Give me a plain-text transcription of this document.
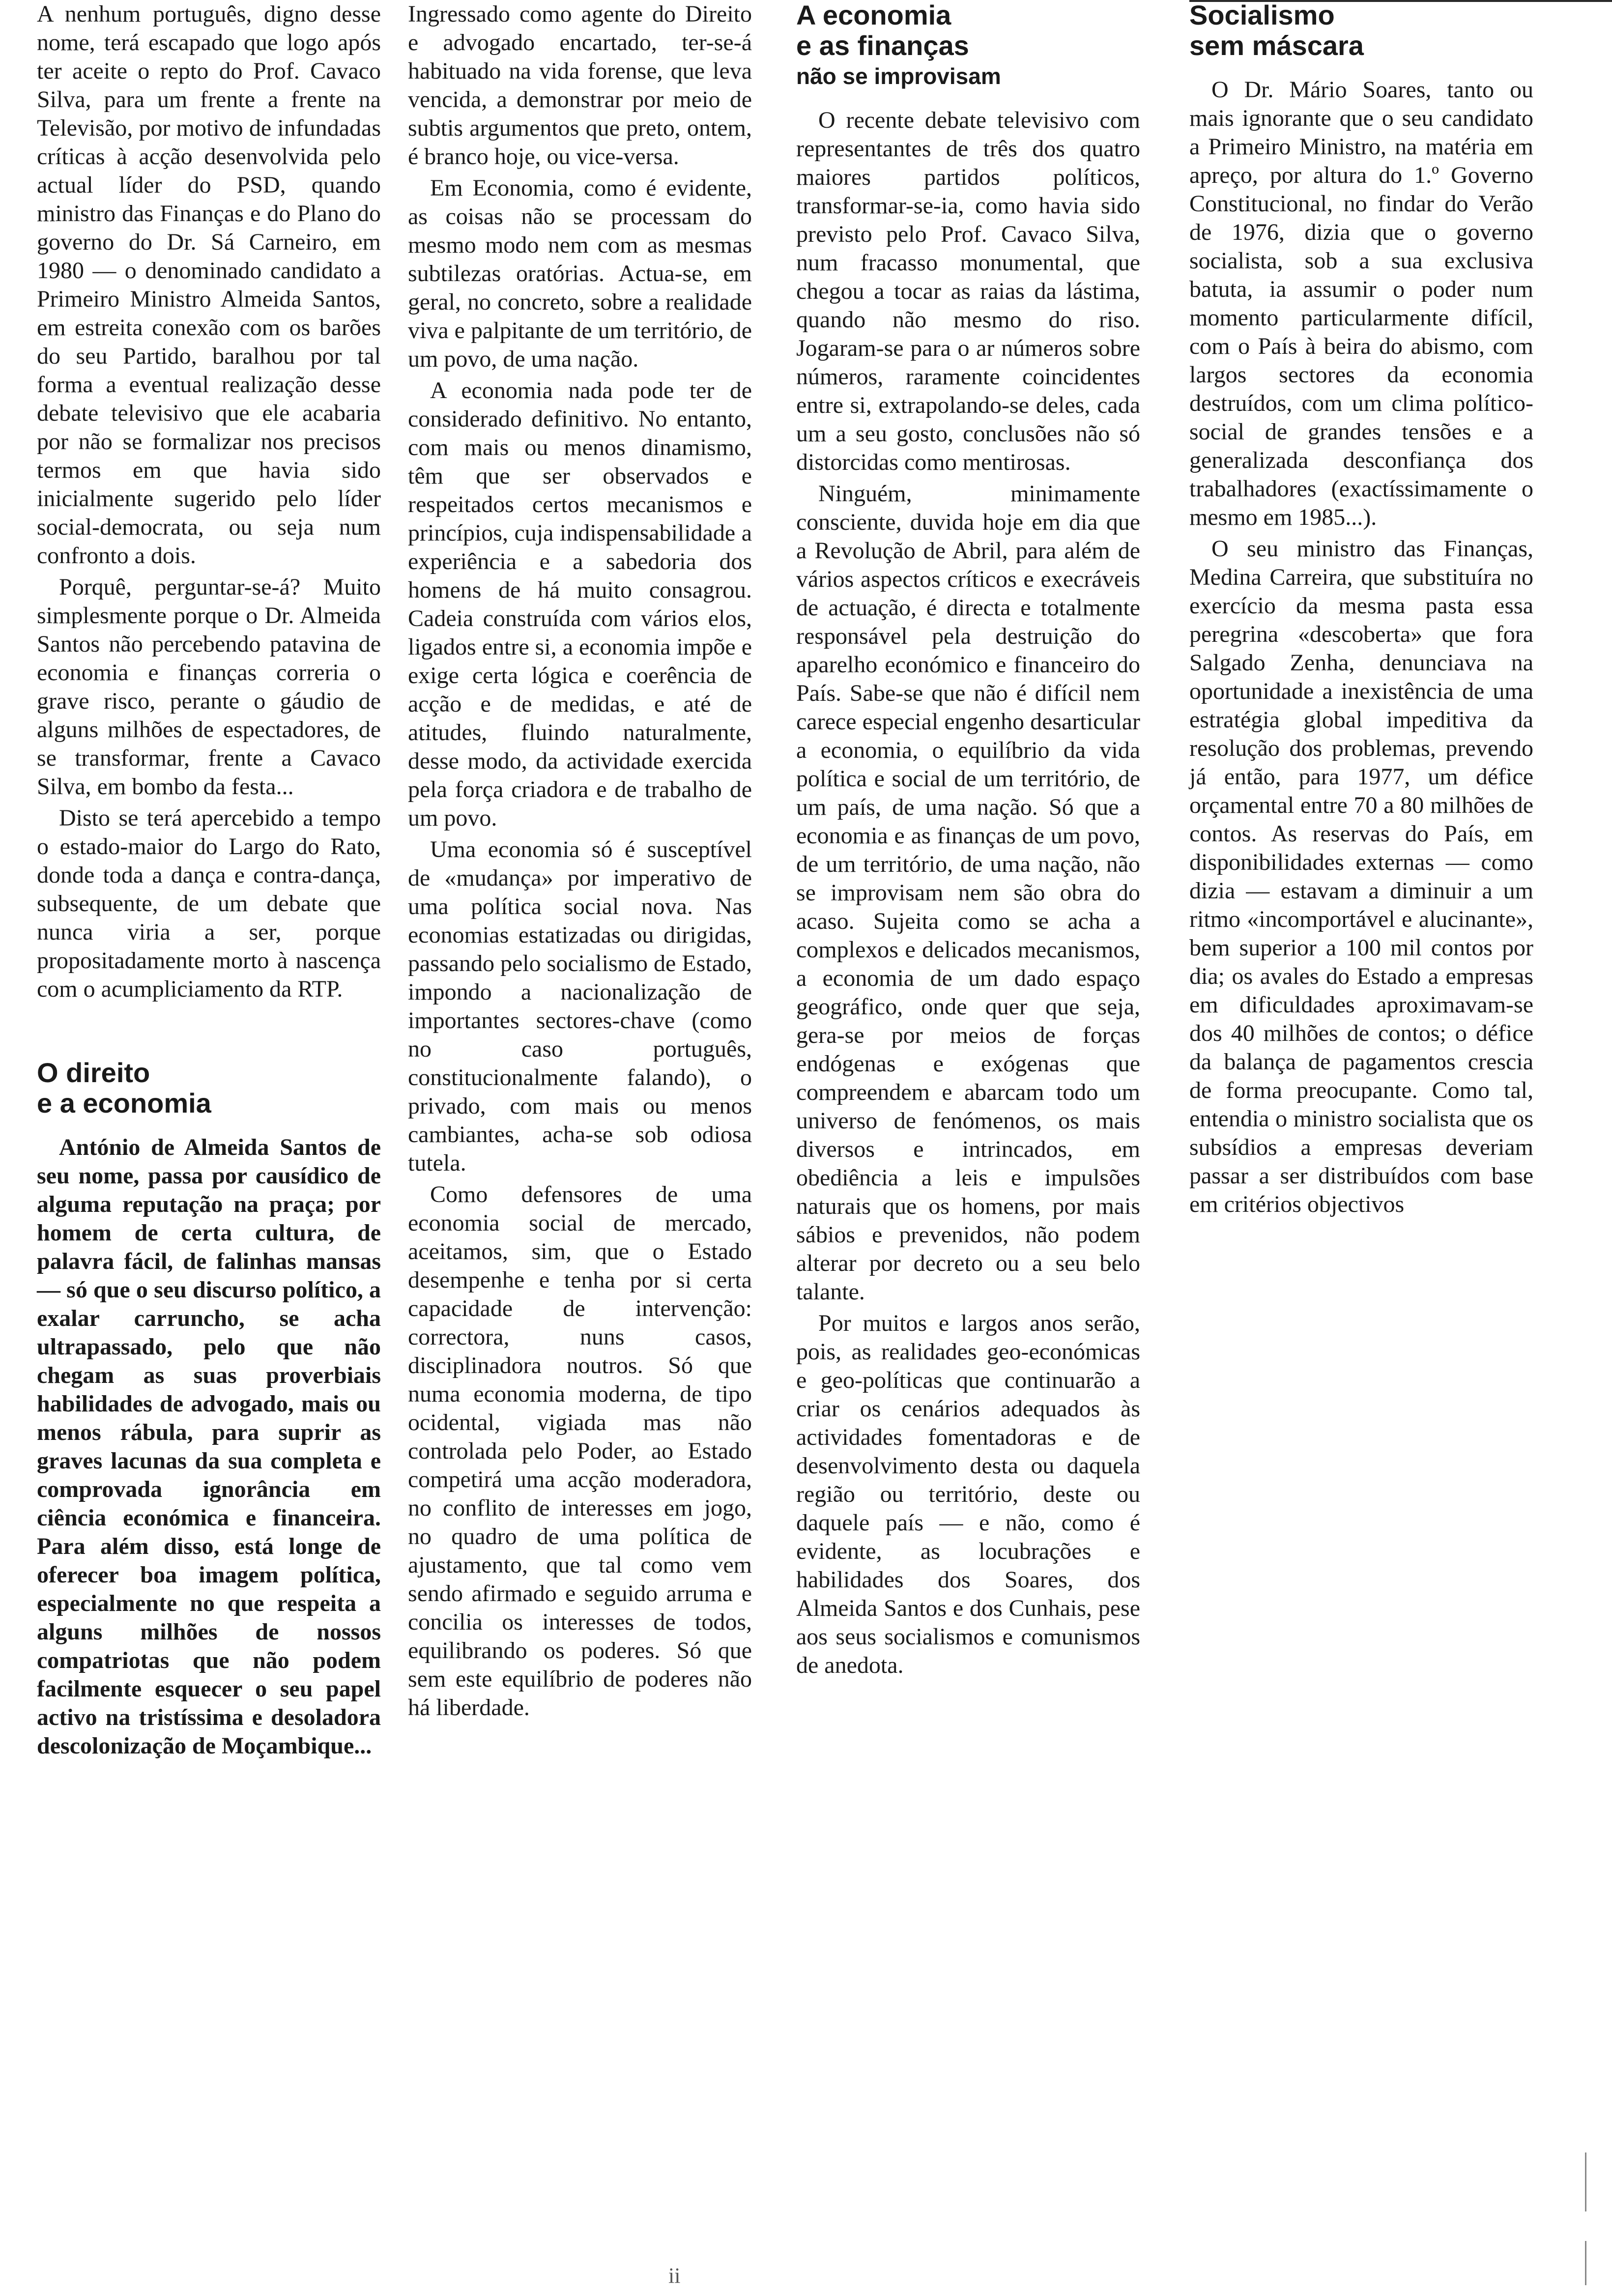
A nenhum português, digno desse nome, terá escapado que logo após ter aceite o repto do Prof. Cavaco Silva, para um frente a frente na Televisão, por motivo de infundadas críticas à acção desenvolvida pelo actual líder do PSD, quando ministro das Finanças e do Plano do governo do Dr. Sá Carneiro, em 1980 — o denominado candidato a Primeiro Ministro Almeida Santos, em estreita conexão com os barões do seu Partido, baralhou por tal forma a eventual realização desse debate televisivo que ele acabaria por não se formalizar nos precisos termos em que havia sido inicialmente sugerido pelo líder social-democrata, ou seja num confronto a dois.

Porquê, perguntar-se-á? Muito simplesmente porque o Dr. Almeida Santos não percebendo patavina de economia e finanças correria o grave risco, perante o gáudio de alguns milhões de espectadores, de se transformar, frente a Cavaco Silva, em bombo da festa...

Disto se terá apercebido a tempo o estado-maior do Largo do Rato, donde toda a dança e contra-dança, subsequente, de um debate que nunca viria a ser, porque propositadamente morto à nascença com o acumpliciamento da RTP.

O direito
e a economia

António de Almeida Santos de seu nome, passa por causídico de alguma reputação na praça; por homem de certa cultura, de palavra fácil, de falinhas mansas — só que o seu discurso político, a exalar carruncho, se acha ultrapassado, pelo que não chegam as suas proverbiais habilidades de advogado, mais ou menos rábula, para suprir as graves lacunas da sua completa e comprovada ignorância em ciência económica e financeira. Para além disso, está longe de oferecer boa imagem política, especialmente no que respeita a alguns milhões de nossos compatriotas que não podem facilmente esquecer o seu papel activo na tristíssima e desoladora descolonização de Moçambique...

Ingressado como agente do Direito e advogado encartado, ter-se-á habituado na vida forense, que leva vencida, a demonstrar por meio de subtis argumentos que preto, ontem, é branco hoje, ou vice-versa.

Em Economia, como é evidente, as coisas não se processam do mesmo modo nem com as mesmas subtilezas oratórias. Actua-se, em geral, no concreto, sobre a realidade viva e palpitante de um território, de um povo, de uma nação.

A economia nada pode ter de considerado definitivo. No entanto, com mais ou menos dinamismo, têm que ser observados e respeitados certos mecanismos e princípios, cuja indispensabilidade a experiência e a sabedoria dos homens de há muito consagrou. Cadeia construída com vários elos, ligados entre si, a economia impõe e exige certa lógica e coerência de acção e de medidas, e até de atitudes, fluindo naturalmente, desse modo, da actividade exercida pela força criadora e de trabalho de um povo.

Uma economia só é susceptível de «mudança» por imperativo de uma política social nova. Nas economias estatizadas ou dirigidas, passando pelo socialismo de Estado, impondo a nacionalização de importantes sectores-chave (como no caso português, constitucionalmente falando), o privado, com mais ou menos cambiantes, acha-se sob odiosa tutela.

Como defensores de uma economia social de mercado, aceitamos, sim, que o Estado desempenhe e tenha por si certa capacidade de intervenção: correctora, nuns casos, disciplinadora noutros. Só que numa economia moderna, de tipo ocidental, vigiada mas não controlada pelo Poder, ao Estado competirá uma acção moderadora, no conflito de interesses em jogo, no quadro de uma política de ajustamento, que tal como vem sendo afirmado e seguido arruma e concilia os interesses de todos, equilibrando os poderes. Só que sem este equilíbrio de poderes não há liberdade.

A economia
e as finanças
não se improvisam

O recente debate televisivo com representantes de três dos quatro maiores partidos políticos, transformar-se-ia, como havia sido previsto pelo Prof. Cavaco Silva, num fracasso monumental, que chegou a tocar as raias da lástima, quando não mesmo do riso. Jogaram-se para o ar números sobre números, raramente coincidentes entre si, extrapolando-se deles, cada um a seu gosto, conclusões não só distorcidas como mentirosas.

Ninguém, minimamente consciente, duvida hoje em dia que a Revolução de Abril, para além de vários aspectos críticos e execráveis de actuação, é directa e totalmente responsável pela destruição do aparelho económico e financeiro do País. Sabe-se que não é difícil nem carece especial engenho desarticular a economia, o equilíbrio da vida política e social de um território, de um país, de uma nação. Só que a economia e as finanças de um povo, de um território, de uma nação, não se improvisam nem são obra do acaso. Sujeita como se acha a complexos e delicados mecanismos, a economia de um dado espaço geográfico, onde quer que seja, gera-se por meios de forças endógenas e exógenas que compreendem e abarcam todo um universo de fenómenos, os mais diversos e intrincados, em obediência a leis e impulsões naturais que os homens, por mais sábios e prevenidos, não podem alterar por decreto ou a seu belo talante.

Por muitos e largos anos serão, pois, as realidades geo-económicas e geo-políticas que continuarão a criar os cenários adequados às actividades fomentadoras e de desenvolvimento desta ou daquela região ou território, deste ou daquele país — e não, como é evidente, as locubrações e habilidades dos Soares, dos Almeida Santos e dos Cunhais, pese aos seus socialismos e comunismos de anedota.

Socialismo
sem máscara

O Dr. Mário Soares, tanto ou mais ignorante que o seu candidato a Primeiro Ministro, na matéria em apreço, por altura do 1.º Governo Constitucional, no findar do Verão de 1976, dizia que o governo socialista, sob a sua exclusiva batuta, ia assumir o poder num momento particularmente difícil, com o País à beira do abismo, com largos sectores da economia destruídos, com um clima político-social de grandes tensões e a generalizada desconfiança dos trabalhadores (exactíssimamente o mesmo em 1985...).

O seu ministro das Finanças, Medina Carreira, que substituíra no exercício da mesma pasta essa peregrina «descoberta» que fora Salgado Zenha, denunciava na oportunidade a inexistência de uma estratégia global impeditiva da resolução dos problemas, prevendo já então, para 1977, um défice orçamental entre 70 a 80 milhões de contos. As reservas do País, em disponibilidades externas — como dizia — estavam a diminuir a um ritmo «incomportável e alucinante», bem superior a 100 mil contos por dia; os avales do Estado a empresas em dificuldades aproximavam-se dos 40 milhões de contos; o défice da balança de pagamentos crescia de forma preocupante. Como tal, entendia o ministro socialista que os subsídios a empresas deveriam passar a ser distribuídos com base em critérios objectivos

ii
